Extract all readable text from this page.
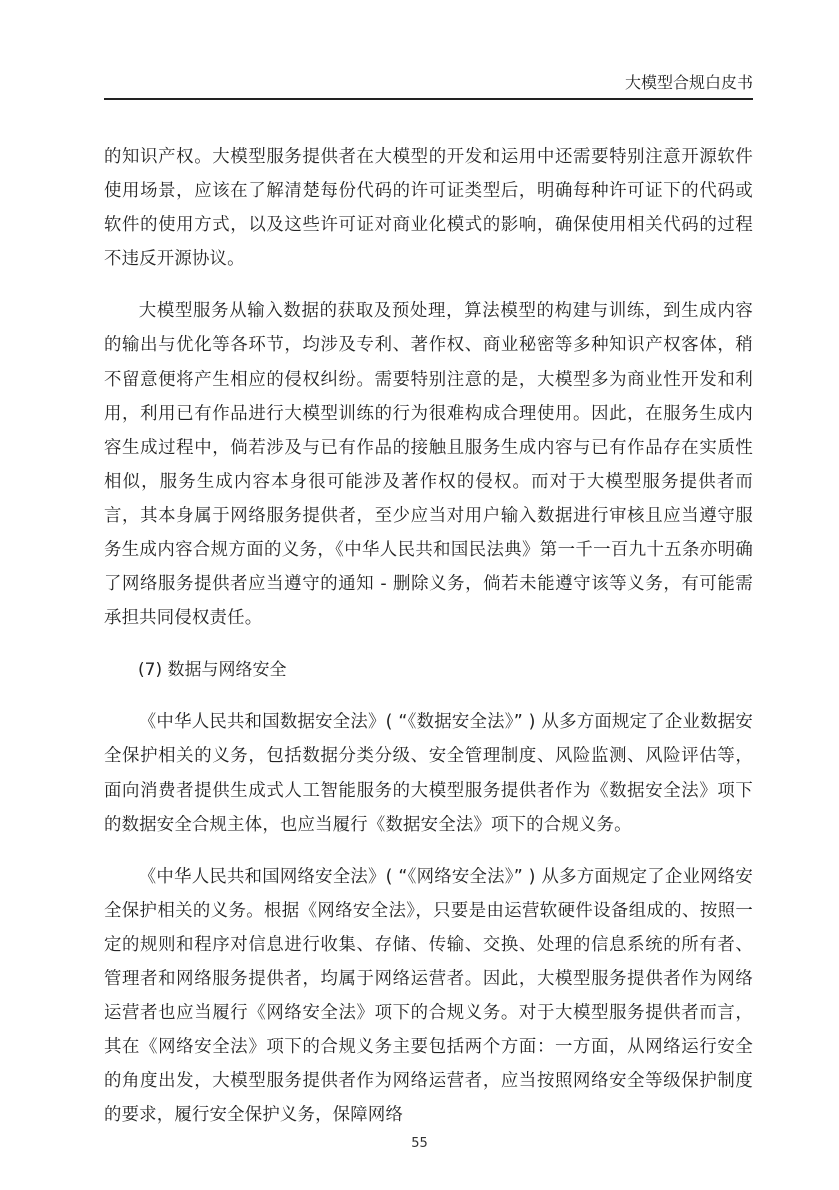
大模型合规白皮书

的知识产权。大模型服务提供者在大模型的开发和运用中还需要特别注意开源软件使用场景，应该在了解清楚每份代码的许可证类型后，明确每种许可证下的代码或软件的使用方式，以及这些许可证对商业化模式的影响，确保使用相关代码的过程不违反开源协议。

大模型服务从输入数据的获取及预处理，算法模型的构建与训练，到生成内容的输出与优化等各环节，均涉及专利、著作权、商业秘密等多种知识产权客体，稍不留意便将产生相应的侵权纠纷。需要特别注意的是，大模型多为商业性开发和利用，利用已有作品进行大模型训练的行为很难构成合理使用。因此，在服务生成内容生成过程中，倘若涉及与已有作品的接触且服务生成内容与已有作品存在实质性相似，服务生成内容本身很可能涉及著作权的侵权。而对于大模型服务提供者而言，其本身属于网络服务提供者，至少应当对用户输入数据进行审核且应当遵守服务生成内容合规方面的义务，《中华人民共和国民法典》第一千一百九十五条亦明确了网络服务提供者应当遵守的通知 - 删除义务，倘若未能遵守该等义务，有可能需承担共同侵权责任。

(7) 数据与网络安全

《中华人民共和国数据安全法》( “《数据安全法》” ) 从多方面规定了企业数据安全保护相关的义务，包括数据分类分级、安全管理制度、风险监测、风险评估等，面向消费者提供生成式人工智能服务的大模型服务提供者作为《数据安全法》项下的数据安全合规主体，也应当履行《数据安全法》项下的合规义务。

《中华人民共和国网络安全法》( “《网络安全法》” ) 从多方面规定了企业网络安全保护相关的义务。根据《网络安全法》，只要是由运营软硬件设备组成的、按照一定的规则和程序对信息进行收集、存储、传输、交换、处理的信息系统的所有者、管理者和网络服务提供者，均属于网络运营者。因此，大模型服务提供者作为网络运营者也应当履行《网络安全法》项下的合规义务。对于大模型服务提供者而言，其在《网络安全法》项下的合规义务主要包括两个方面：一方面，从网络运行安全的角度出发，大模型服务提供者作为网络运营者，应当按照网络安全等级保护制度的要求，履行安全保护义务，保障网络

55
